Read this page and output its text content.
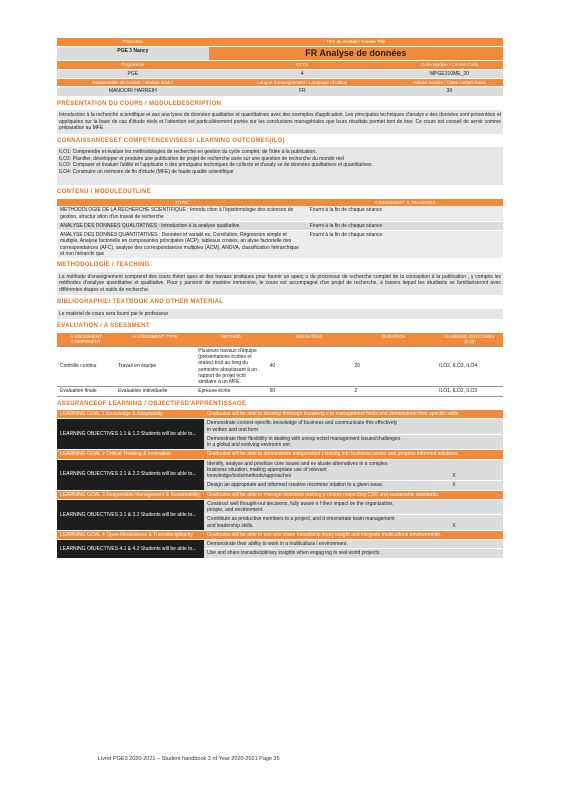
Promotion	Titre du module / Course Title	
PGE 3 Nancy	FR Analyse de données	
Programme	ECTS	Code Module / Course Code
PGE	4	MPGE310ME_20
Responsable de module / Module leader	Langue d'enseignement / Language of tuition	Volume horaire / Class contact hours
MANOORI HARREIH	FR	30
PRESENTATION DU COURS / MODULEDESCRIPTION
Introduction à la recherche scientifique et aux ana lyses de données qualitative et quantitatives avec des exemples d'application. Les principales techniques d'analys e des données sont présentées et appliquées sur la base de cas d'étude réels et l'attention est particulièrement portée sur les conclusions managériales que leurs résultats permet tent de tirer. Ce cours est conseil de servir comme préparation au MFE.
CONNAISSANCESET COMPETENCEVISEES/ LEARNING OUTCOMES(ILO)
ILO1: Comprendre et évaluer les méthodologies de recherche en gestion du cycle complet, de l'idée à la publication.
ILO2: Planifier, développer et produire une publication de projet de recherche axée sur une question de recherche du monde réel
ILO3: Comparer et évaluer l'utilité et l'applicatio n des principales techniques de collecte et d'analy se de données qualitatives et quantitatives.
ILO4: Construire un mémoire de fin d'étude (MFE) de haute qualité scientifique
CONTENU / MODULEOUTLINE
TOPIC	A SSIGNMENT S, READINGS
METHODOLOGIE DE LA RECHERCHE SCIENTIFIQUE : Introdu ction à l'épistémologie des sciences de gestion, structur ation d'un travail de recherche	Fourni à la fin de chaque séance
ANALYSE DES DONNEES QUALITATIVES : Introduction à la analyse qualitative.	Fourni à la fin de chaque séance
ANALYSE DES DONNES QUANTITATIVES : Données et variabl es. Corrélation, Régression simple et multiple, Analyse factorielle en composantes principales (ACP), tableaux croisés, an alyse factorielle des correspondances (AFC), analyse des correspondances multiples (ACM), ANOVA, classification hiérarchique et non hiérarchi que	Fourni à la fin de chaque séance
METHODOLOGIE / TEACHING
La méthode d'enseignement comprend des cours théori ques et des travaux pratiques pour fournir un aperç u du processus de recherche complet de la conception à la publication , y compris les méthodes d'analyse quantitative et qualitative. Pour y parvenir de manière immersive, le cours est accompagné d'un projet de recherche, à travers lequel les étudiants se familiariseront avec différentes étapes et outils de recherche.
BIBLIOGRAPHIE/ TEXTBOOK AND OTHER MATERIAL
Le matériel de cours sera fourni par le professeur
EVALUATION / A SSESSMENT
A SSESSMENT COMPONENT	A SSESSMENT TYPE	METHOD	WEIGHTING	DURATION	LEARNING OUTCOMES (ILO)
Contrôle continu	Travail en équipe	Plusieurs travaux d'équipe (présentations écrites et orales) tout au long du semestre aboutissant à un rapport de projet écrit similaire à un MFE.	40	20	ILO2, ILO3, ILO4
Evaluation finale	Evaluation individuelle	Epreuve écrite	60	2	ILO1, ILO2, ILO3
ASSURANCEOF LEARNING / OBJECTIFSD'APPRENTISSAGE
LEARNING GOAL 1 Knowledge & Adaptability	Graduates will be able to develop thorough knowledg e in management fields and demonstrate their specific skills.	
LEARNING OBJECTIVES 1.1 & 1.2 Students will be able to...	Demonstrate context-specific knowledge of business and communicate this effectively in written and oral form	
	Demonstrate their flexibility in dealing with unexp ected management issues/challenges in a global and evolving environm ent.	
LEARNING GOAL 2 Critical Thinking & Innovation	Graduates will be able to demonstrate independent t hinking into business issues and propose informed solutions.	
LEARNING OBJECTIVES 2.1 & 2.2 Students will be able to...	Identify, analyse and prioritize core issues and ev aluate alternatives in a complex business situation, making appropriate use of relevant knowledge/tools/methods/approaches	X
	Design an appropriate and informed creative recomme ndation to a given issue.	X
LEARNING GOAL 3 Responsible Management & Sustainability	Graduates will be able to manage decisions making p rocess respecting CSR and sustainable standards.	
LEARNING OBJECTIVES 3.1 & 3.2 Students will be able to...	Construct well thought-out decisions, fully aware o f their impact on the organization, people, and environment.	
	Contribute as productive members to a project, and d emonstrate team management and leadership skills.	X
LEARNING GOAL 4 Open-Mindedness & Transdisciplinarity	Graduates will be able to use and share transdiscip linary insight and integrate multicultural environments.	
LEARNING OBJECTIVES 4.1 & 4.2 Students will be able to...	Demonstrate their ability to work in a multicultura l environment.	
	Use and share transdisciplinary insights when engag ing in real world projects.	
Livret PGE3 2020-2021 – Student handbook 3 rd Year 2020-2021 Page 35
